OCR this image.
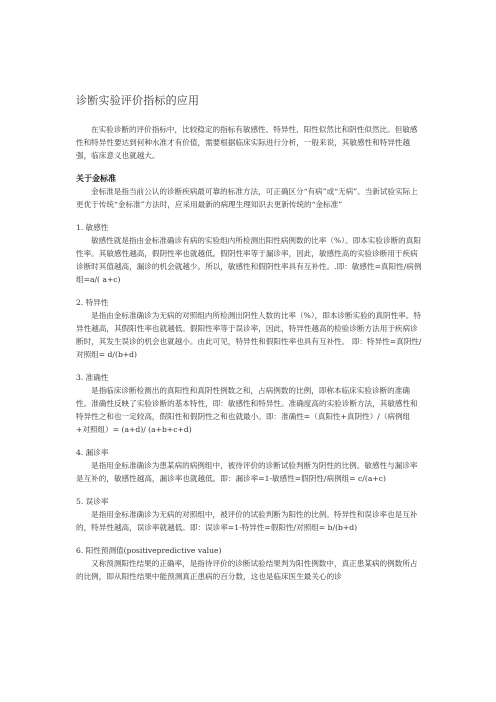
诊断实验评价指标的应用

在实验诊断的评价指标中，比较稳定的指标有敏感性、特异性、阳性似然比和阴性似然比。但敏感性和特异性要达到何种水准才有价值，需要根据临床实际进行分析，一般来说，其敏感性和特异性越强，临床意义也就越大。

关于金标准

金标准是指当前公认的诊断疾病最可靠的标准方法，可正确区分“有病”或“无病”。当新试验实际上更优于传统“金标准”方法时，应采用最新的病理生理知识去更新传统的“金标准”

1. 敏感性

敏感性就是指由金标准确诊有病的实验组内所检测出阳性病例数的比率（%）。即本实验诊断的真阳性率。其敏感性越高，假阴性率也就越低。假阴性率等于漏诊率，因此，敏感性高的实验诊断用于疾病诊断时其值越高，漏诊的机会就越少。所以，敏感性和假阴性率具有互补性。.即：敏感性=真阳性/病例组=a/( a+c)

2. 特异性

是指由金标准确诊为无病的对照组内所检测出阴性人数的比率（%），即本诊断实验的真阴性率。特异性越高，其假阳性率也就越低。假阳性率等于误诊率，因此，特异性越高的检验诊断方法用于疾病诊断时，其发生误诊的机会也就越小。由此可见，特异性和假阳性率也具有互补性。 即：特异性=真阴性/对照组= d/(b+d)

3. 准确性

是指临床诊断检测出的真阳性和真阴性例数之和，占病例数的比例，即称本临床实验诊断的准确性。准确性反映了实验诊断的基本特性，即：敏感性和特异性。准确度高的实验诊断方法，其敏感性和特异性之和也一定较高，假阳性和假阴性之和也就最小。即：准确性=（真阳性+真阴性）/（病例组+对照组）= (a+d)/ (a+b+c+d)

4. 漏诊率

是指用金标准确诊为患某病的病例组中，被待评价的诊断试验判断为阴性的比例。敏感性与漏诊率是互补的，敏感性越高，漏诊率也就越低。即：漏诊率=1-敏感性=假阴性/病例组= c/(a+c)

5. 误诊率

是指用金标准确诊为无病的对照组中，被评价的试验判断为阳性的比例。特异性和误诊率也是互补的，特异性越高，误诊率就越低。即：误诊率=1-特异性=假阳性/对照组= b/(b+d)

6. 阳性预测值(positivepredictive value)

又称预测阳性结果的正确率，是指待评价的诊断试验结果判为阳性例数中，真正患某病的例数所占的比例，即从阳性结果中能预测真正患病的百分数，这也是临床医生最关心的诊
